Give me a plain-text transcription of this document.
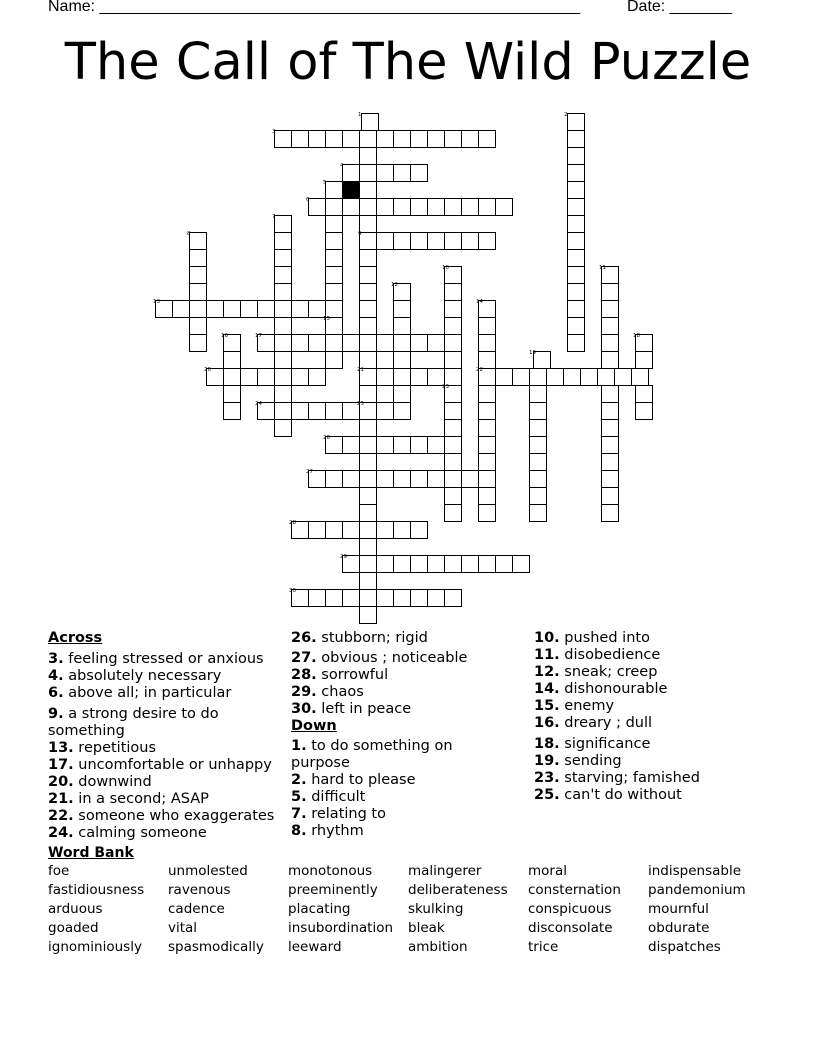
Name: ______________________________________________________	Date: _______
The Call of The Wild Puzzle
1	2
3
4
5
6
7
8	9
10	11
12
13	14
15
16	17	18
19
20	21	22
23
24	25
26
27
28
29
30
Across
3. feeling stressed or anxious
4. absolutely necessary
6. above all; in particular
9. a strong desire to do something
13. repetitious
17. uncomfortable or unhappy
20. downwind
21. in a second; ASAP
22. someone who exaggerates
24. calming someone
26. stubborn; rigid
27. obvious ; noticeable
28. sorrowful
29. chaos
30. left in peace
Down
1. to do something on purpose
2. hard to please
5. difficult
7. relating to
8. rhythm
10. pushed into
11. disobedience
12. sneak; creep
14. dishonourable
15. enemy
16. dreary ; dull
18. significance
19. sending
23. starving; famished
25. can't do without
Word Bank
foe	unmolested	monotonous	malingerer	moral	indispensable
fastidiousness ravenous	preeminently deliberateness consternation pandemonium
arduous	cadence	placating	skulking	conspicuous	mournful
goaded	vital	insubordination bleak	disconsolate	obdurate
ignominiously spasmodically leeward	ambition	trice	dispatches
